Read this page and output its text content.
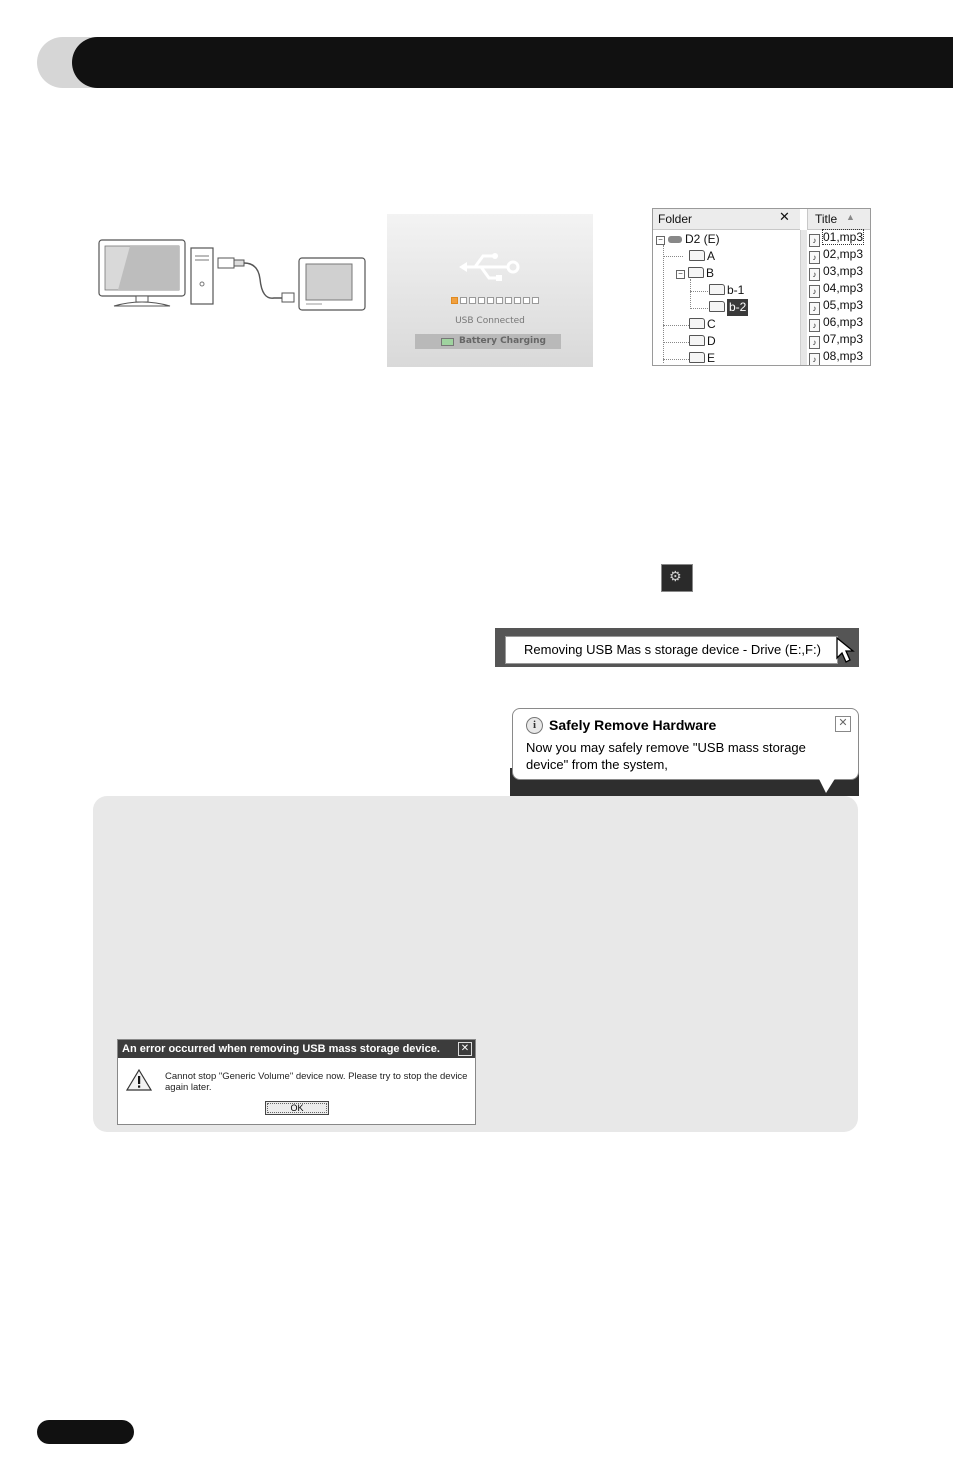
USB Connected
Battery Charging
Folder	✕ Title ▲
− D2 (E)
A
− B
b-1
b-2
C
D
E
♪ 01,mp3
♪ 02,mp3
♪ 03,mp3
♪ 04,mp3
♪ 05,mp3
♪ 06,mp3
♪ 07,mp3
♪ 08,mp3
⚙
Removing USB Mas s storage device - Drive (E:,F:)
i Safely Remove Hardware	✕
Now you may safely remove "USB mass storage device" from the system,
An error occurred when removing USB mass storage device.	✕
Cannot stop "Generic Volume" device now. Please try to stop the device again later.
OK
